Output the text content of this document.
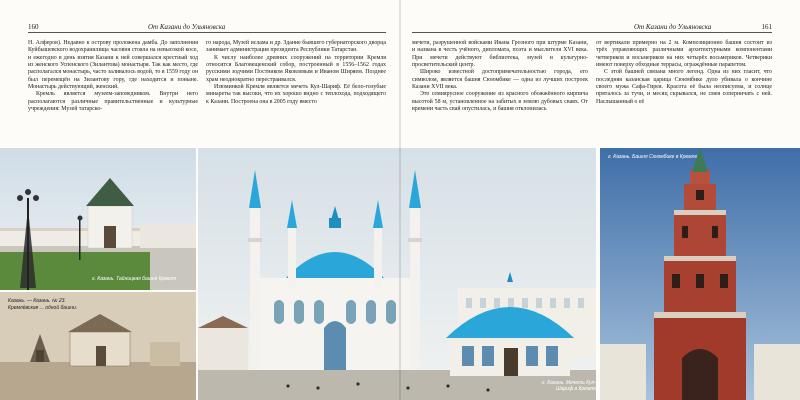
160	От Казани до Ульяновска	От Казани до Ульяновска	161

Н. Алферов). Недавно к острову проложена дамба. До заполнения Куйбышевского водохранилища часовня стояла на невысокой косе, и ежегодно в день взятия Казани к ней совершался крестный ход из женского Успенского (Зилантова) монастыря. Так как место, где располагался монастырь, часто заливалось водой, то в 1559 году он был перемещён на Зилантову гору, где находится и поныне. Монастырь действующий, женский.

Кремль является музеем-заповедником. Внутри него располагаются различные правительственные и культурные учреждения: Музей татарско-

го народа, Музей ислама и др. Здание бывшего губернаторского дворца занимает администрация президента Республики Татарстан.

К числу наиболее древних сооружений на территории Кремля относится Благовещенский собор, построенный в 1556–1562 годах русскими зодчими Постником Яковлевым и Иваном Ширяем. Позднее храм неоднократно перестраивался.

Изюминкой Кремля является мечеть Кул-Шариф. Её бело-голубые минареты так высоки, что их хорошо видно с теплохода, подходящего к Казани. Построена она в 2005 году вместо

мечети, разрушенной войсками Ивана Грозного при штурме Казани, и названа в честь учёного, дипломата, поэта и мыслителя XVI века. При мечети действуют библиотека, музей и культурно-просветительский центр.

Широко известной достопримечательностью города, его символом, является башня Сююмбике — одна из лучших построек Казани XVII века.

Это семиярусное сооружение из красного обожжённого кирпича высотой 58 м, установленное на забитых в землю дубовых сваях. От времени часть свай опустилась, и башня отклонилась

от вертикали примерно на 2 м. Композиционно башня состоит из трёх управляющих различными архитектурными компонентами четвериков и восьмериков на них четырёх восьмериков. Четверики имеют поверху обходные террасы, ограждённые парапетом.

С этой башней связана много легенд. Одна из них гласит, что последняя казанская царица Сююмбике дуло убивала о кончине своего мужа Сафа-Гирея. Красота её была неописуема, и солнце пряталось за тучи, и месяц скрывался, не смея соперничать с ней. Наслышанный о её

г. Казань. Тайницкая башня Кремля
Казань. — Казань. № 23.
Кремлёвская ... одной башни.
г. Казань. Мечеть Кул-Шариф в Кремле
г. Казань. Башня Сююмбике в Кремле
